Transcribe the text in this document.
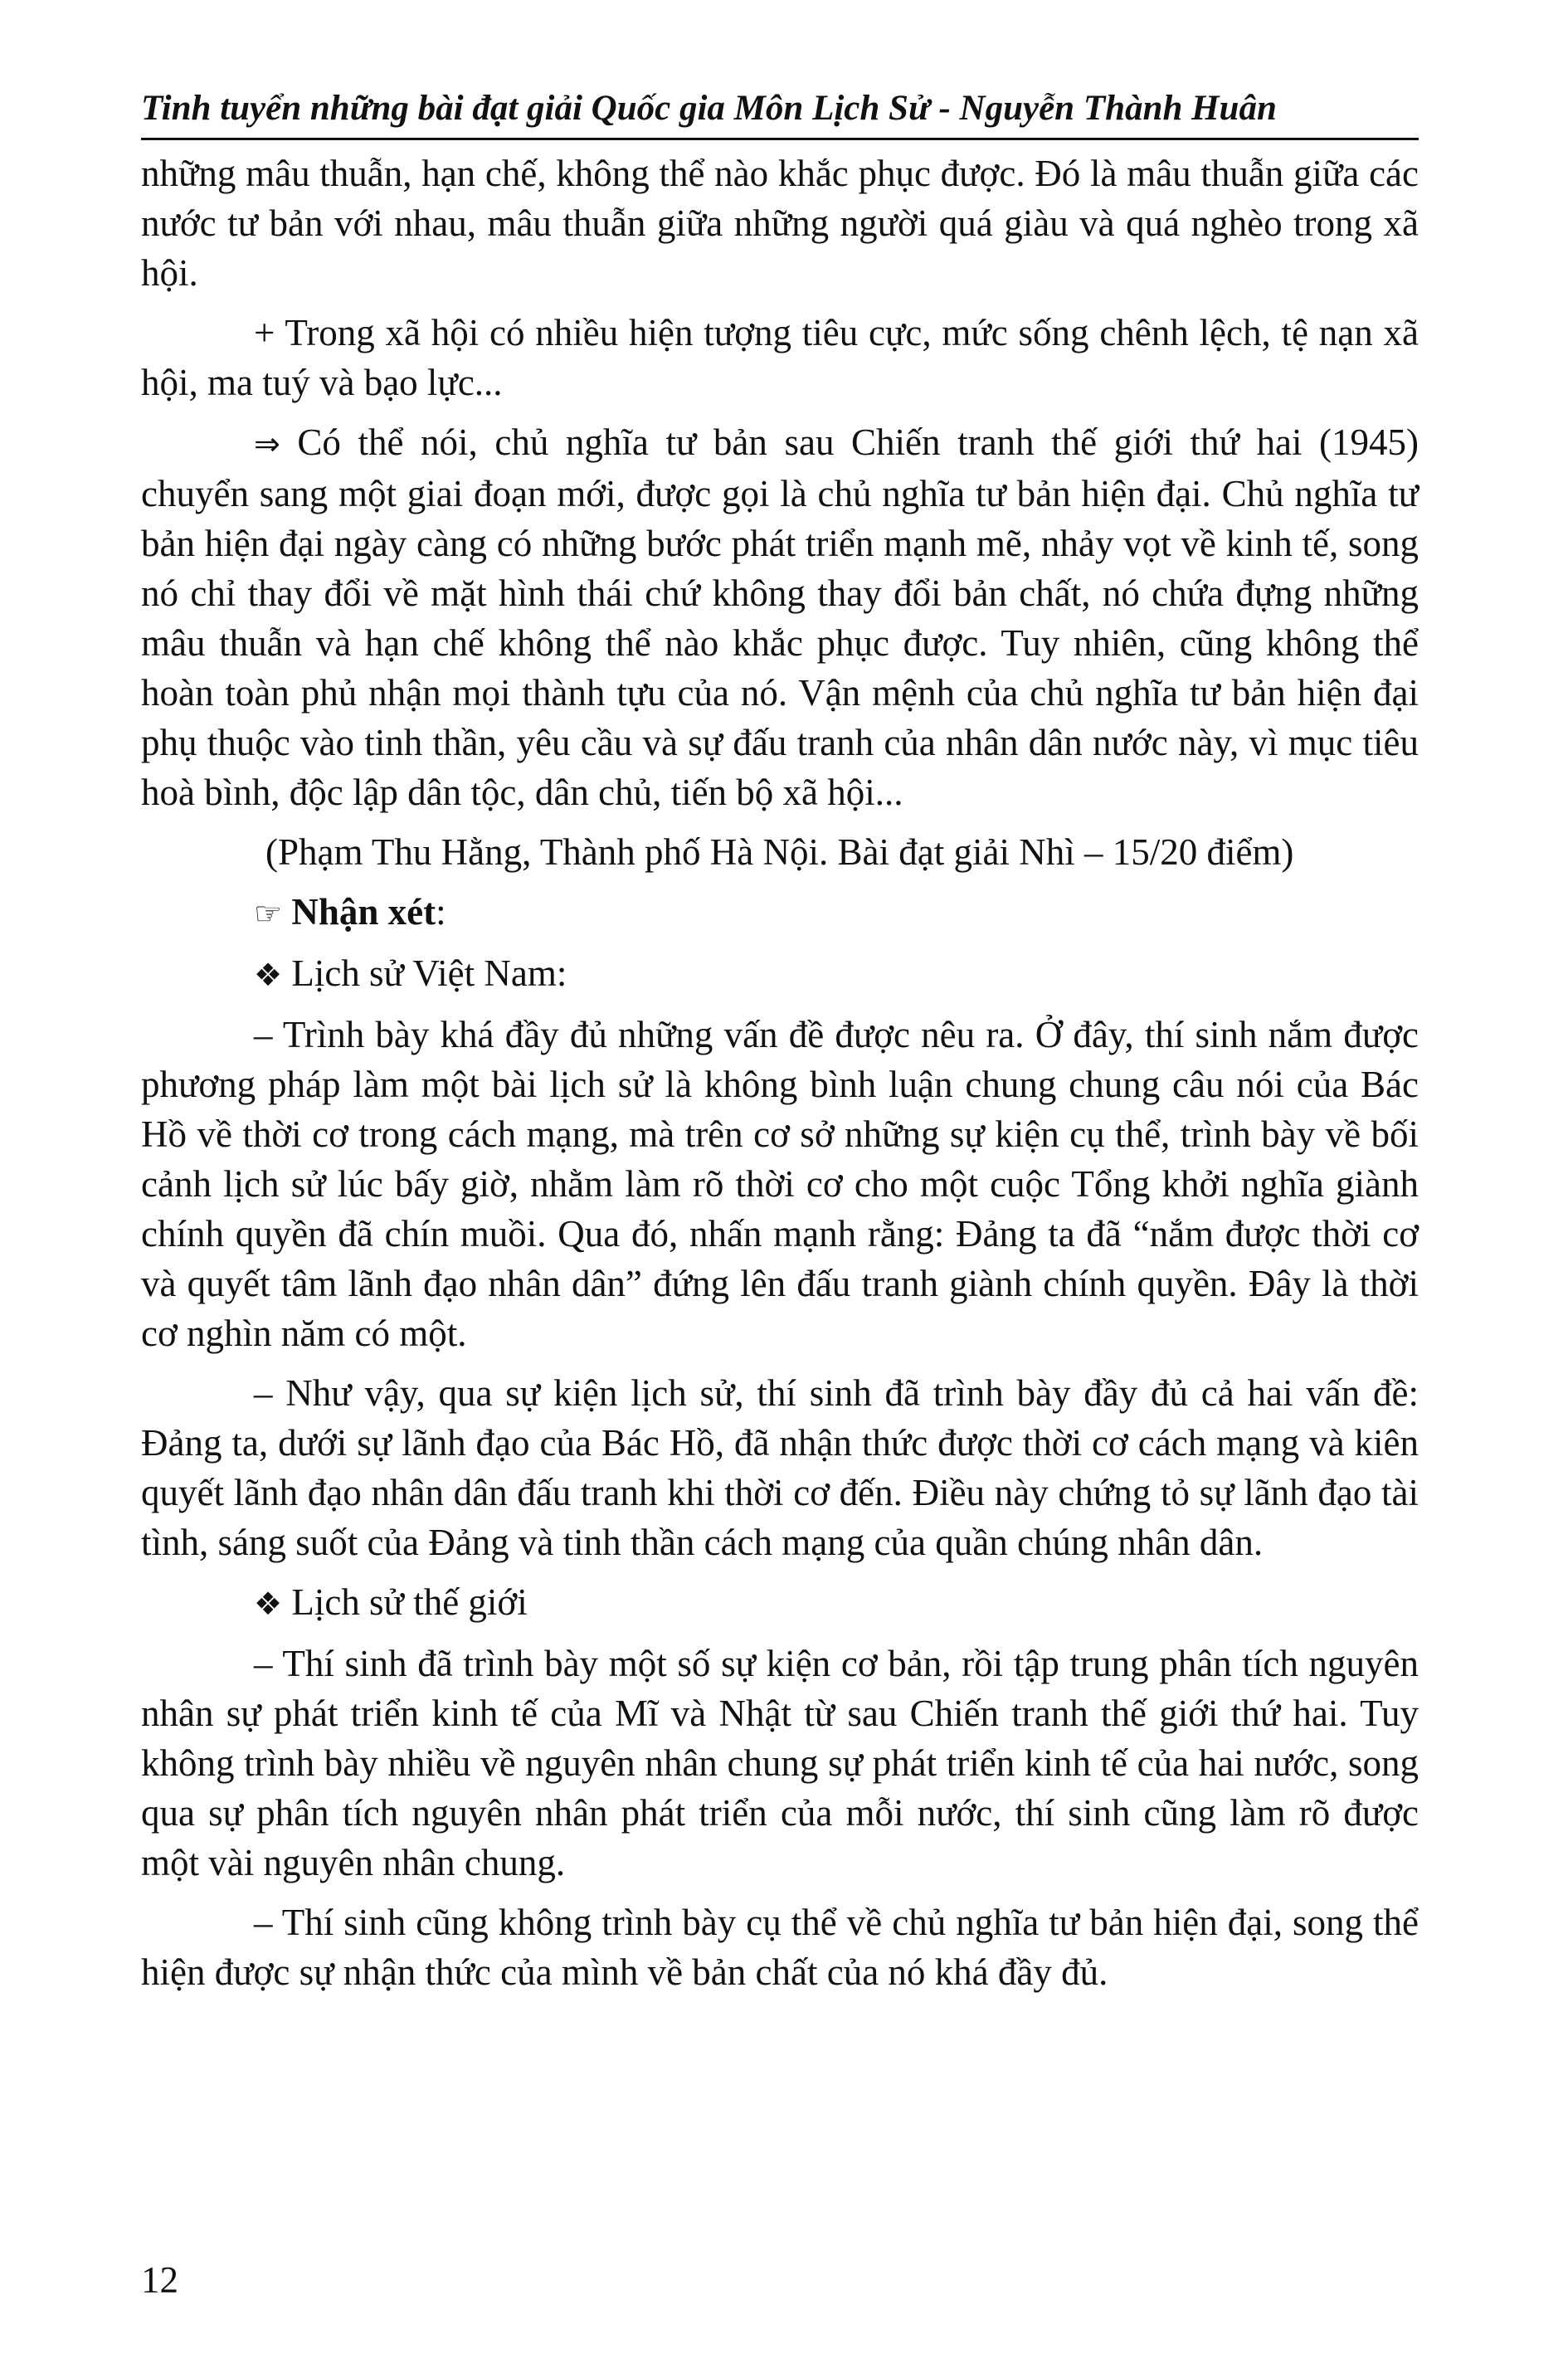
Tinh tuyển những bài đạt giải Quốc gia Môn Lịch Sử - Nguyễn Thành Huân

những mâu thuẫn, hạn chế, không thể nào khắc phục được. Đó là mâu thuẫn giữa các nước tư bản với nhau, mâu thuẫn giữa những người quá giàu và quá nghèo trong xã hội.

+ Trong xã hội có nhiều hiện tượng tiêu cực, mức sống chênh lệch, tệ nạn xã hội, ma tuý và bạo lực...

⇒ Có thể nói, chủ nghĩa tư bản sau Chiến tranh thế giới thứ hai (1945) chuyển sang một giai đoạn mới, được gọi là chủ nghĩa tư bản hiện đại. Chủ nghĩa tư bản hiện đại ngày càng có những bước phát triển mạnh mẽ, nhảy vọt về kinh tế, song nó chỉ thay đổi về mặt hình thái chứ không thay đổi bản chất, nó chứa đựng những mâu thuẫn và hạn chế không thể nào khắc phục được. Tuy nhiên, cũng không thể hoàn toàn phủ nhận mọi thành tựu của nó. Vận mệnh của chủ nghĩa tư bản hiện đại phụ thuộc vào tinh thần, yêu cầu và sự đấu tranh của nhân dân nước này, vì mục tiêu hoà bình, độc lập dân tộc, dân chủ, tiến bộ xã hội...

(Phạm Thu Hằng, Thành phố Hà Nội. Bài đạt giải Nhì – 15/20 điểm)

☞ Nhận xét:

❖ Lịch sử Việt Nam:

– Trình bày khá đầy đủ những vấn đề được nêu ra. Ở đây, thí sinh nắm được phương pháp làm một bài lịch sử là không bình luận chung chung câu nói của Bác Hồ về thời cơ trong cách mạng, mà trên cơ sở những sự kiện cụ thể, trình bày về bối cảnh lịch sử lúc bấy giờ, nhằm làm rõ thời cơ cho một cuộc Tổng khởi nghĩa giành chính quyền đã chín muồi. Qua đó, nhấn mạnh rằng: Đảng ta đã “nắm được thời cơ và quyết tâm lãnh đạo nhân dân” đứng lên đấu tranh giành chính quyền. Đây là thời cơ nghìn năm có một.

– Như vậy, qua sự kiện lịch sử, thí sinh đã trình bày đầy đủ cả hai vấn đề: Đảng ta, dưới sự lãnh đạo của Bác Hồ, đã nhận thức được thời cơ cách mạng và kiên quyết lãnh đạo nhân dân đấu tranh khi thời cơ đến. Điều này chứng tỏ sự lãnh đạo tài tình, sáng suốt của Đảng và tinh thần cách mạng của quần chúng nhân dân.

❖ Lịch sử thế giới

– Thí sinh đã trình bày một số sự kiện cơ bản, rồi tập trung phân tích nguyên nhân sự phát triển kinh tế của Mĩ và Nhật từ sau Chiến tranh thế giới thứ hai. Tuy không trình bày nhiều về nguyên nhân chung sự phát triển kinh tế của hai nước, song qua sự phân tích nguyên nhân phát triển của mỗi nước, thí sinh cũng làm rõ được một vài nguyên nhân chung.

– Thí sinh cũng không trình bày cụ thể về chủ nghĩa tư bản hiện đại, song thể hiện được sự nhận thức của mình về bản chất của nó khá đầy đủ.

12
